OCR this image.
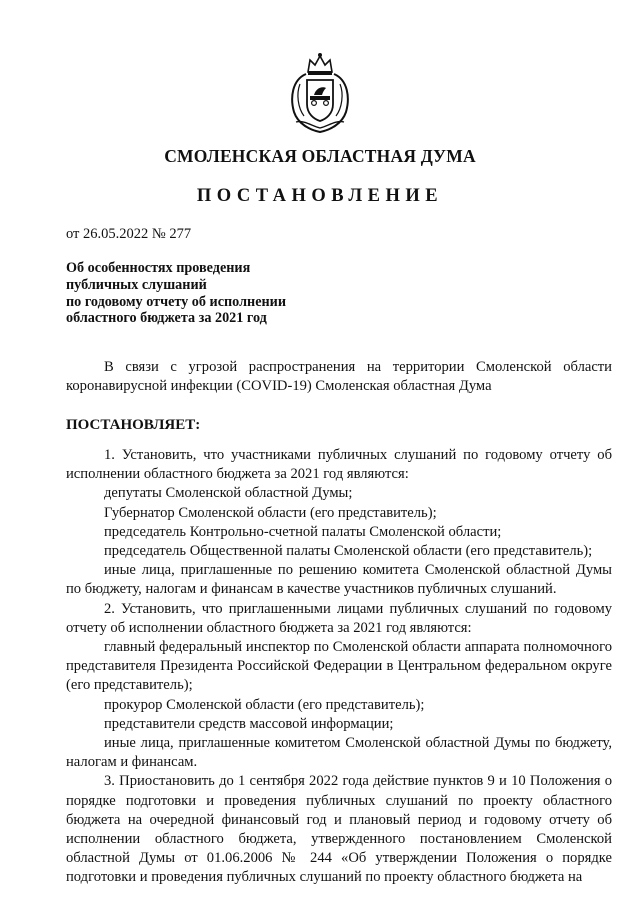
СМОЛЕНСКАЯ ОБЛАСТНАЯ ДУМА
ПОСТАНОВЛЕНИЕ
от 26.05.2022 № 277
Об особенностях проведения
публичных слушаний
по годовому отчету об исполнении
областного бюджета за 2021 год
В связи с угрозой распространения на территории Смоленской области коронавирусной инфекции (COVID-19) Смоленская областная Дума
ПОСТАНОВЛЯЕТ:

1. Установить, что участниками публичных слушаний по годовому отчету об исполнении областного бюджета за 2021 год являются:

депутаты Смоленской областной Думы;

Губернатор Смоленской области (его представитель);

председатель Контрольно-счетной палаты Смоленской области;

председатель Общественной палаты Смоленской области (его представитель);

иные лица, приглашенные по решению комитета Смоленской областной Думы по бюджету, налогам и финансам в качестве участников публичных слушаний.

2. Установить, что приглашенными лицами публичных слушаний по годовому отчету об исполнении областного бюджета за 2021 год являются:

главный федеральный инспектор по Смоленской области аппарата полномочного представителя Президента Российской Федерации в Центральном федеральном округе (его представитель);

прокурор Смоленской области (его представитель);

представители средств массовой информации;

иные лица, приглашенные комитетом Смоленской областной Думы по бюджету, налогам и финансам.

3. Приостановить до 1 сентября 2022 года действие пунктов 9 и 10 Положения о порядке подготовки и проведения публичных слушаний по проекту областного бюджета на очередной финансовый год и плановый период и годовому отчету об исполнении областного бюджета, утвержденного постановлением Смоленской областной Думы от 01.06.2006 № 244 «Об утверждении Положения о порядке подготовки и проведения публичных слушаний по проекту областного бюджета на
